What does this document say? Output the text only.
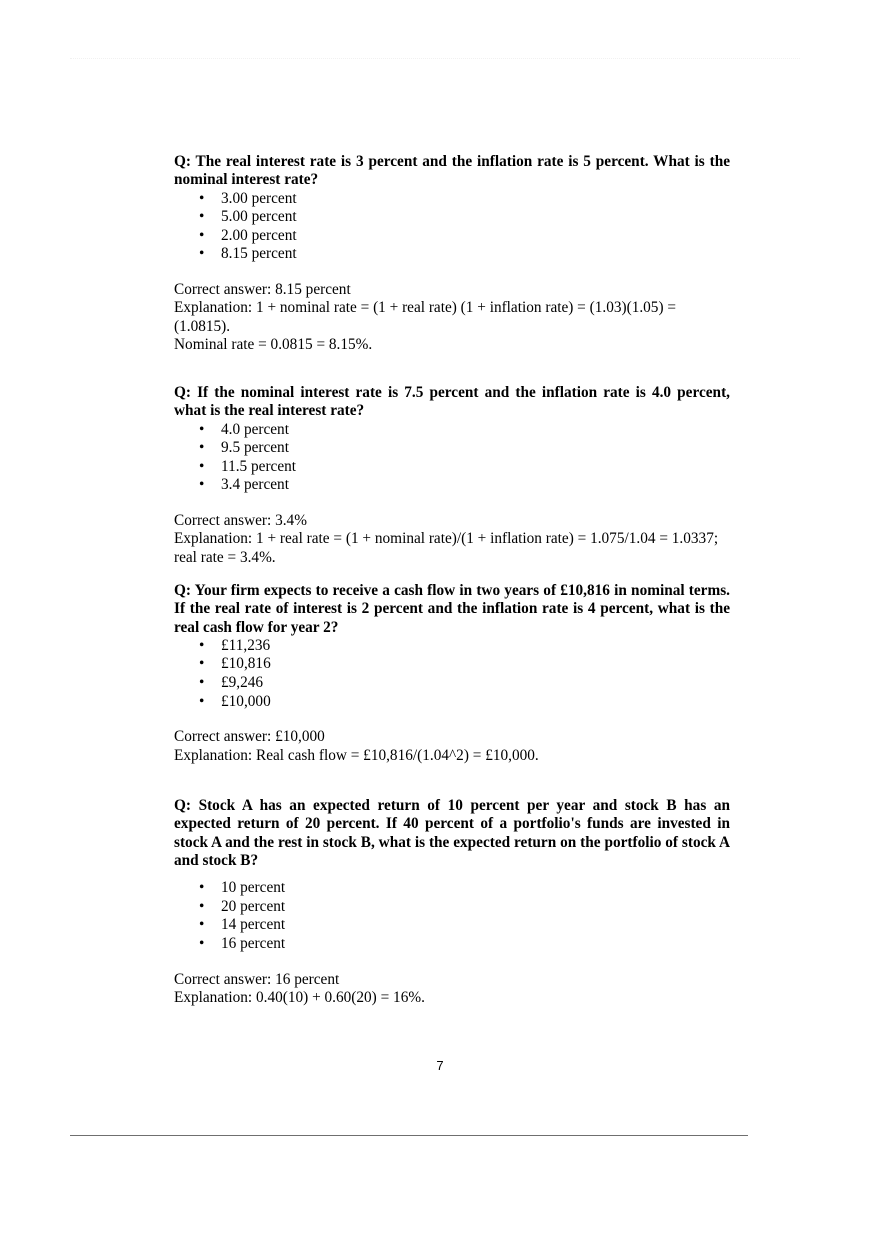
Q: The real interest rate is 3 percent and the inflation rate is 5 percent. What is the nominal interest rate?

• 3.00 percent
• 5.00 percent
• 2.00 percent
• 8.15 percent

Correct answer: 8.15 percent

Explanation: 1 + nominal rate = (1 + real rate) (1 + inflation rate) = (1.03)(1.05) = (1.0815).

Nominal rate = 0.0815 = 8.15%.

Q: If the nominal interest rate is 7.5 percent and the inflation rate is 4.0 percent, what is the real interest rate?

• 4.0 percent
• 9.5 percent
• 11.5 percent
• 3.4 percent

Correct answer: 3.4%

Explanation: 1 + real rate = (1 + nominal rate)/(1 + inflation rate) = 1.075/1.04 = 1.0337; real rate = 3.4%.

Q: Your firm expects to receive a cash flow in two years of £10,816 in nominal terms. If the real rate of interest is 2 percent and the inflation rate is 4 percent, what is the real cash flow for year 2?

• £11,236
• £10,816
• £9,246
• £10,000

Correct answer: £10,000

Explanation: Real cash flow = £10,816/(1.04^2) = £10,000.

Q: Stock A has an expected return of 10 percent per year and stock B has an expected return of 20 percent. If 40 percent of a portfolio's funds are invested in stock A and the rest in stock B, what is the expected return on the portfolio of stock A and stock B?

• 10 percent
• 20 percent
• 14 percent
• 16 percent

Correct answer: 16 percent

Explanation: 0.40(10) + 0.60(20) = 16%.

7
